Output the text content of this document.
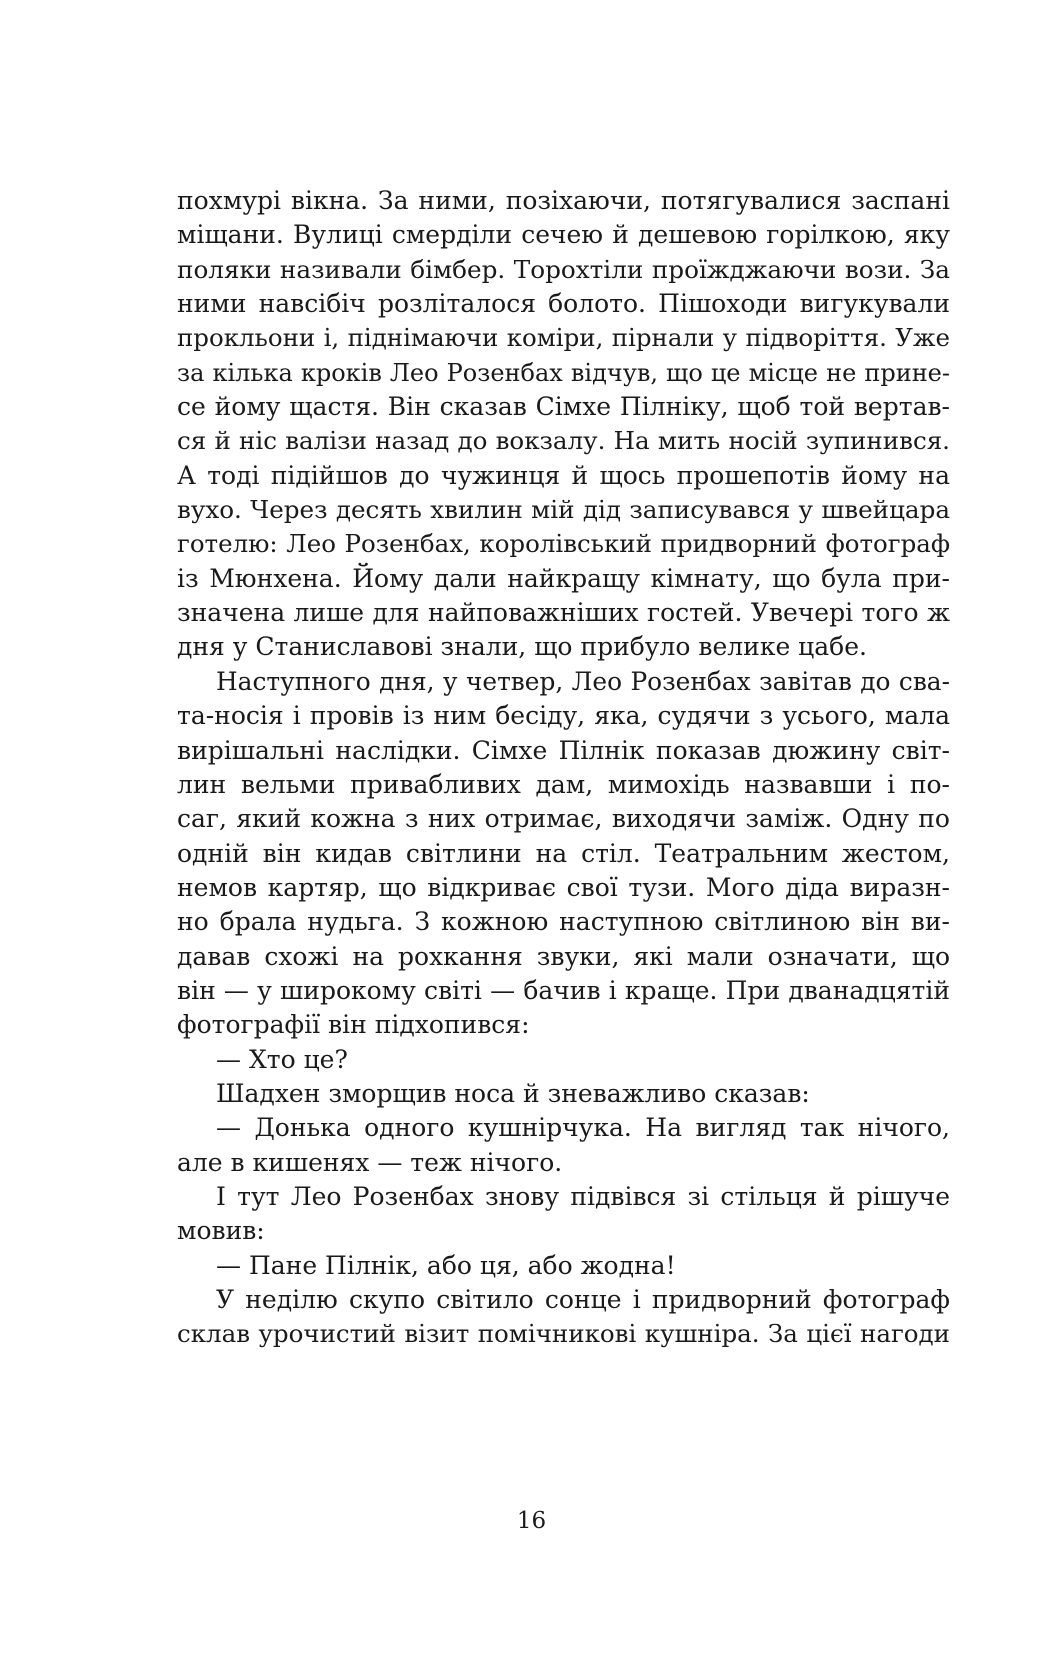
похмурі вікна. За ними, позіхаючи, потягувалися заспані
міщани. Вулиці смерділи сечею й дешевою горілкою, яку
поляки називали бімбер. Торохтіли проїжджаючи вози. За
ними навсібіч розліталося болото. Пішоходи вигукували
прокльони і, піднімаючи коміри, пірнали у підворіття. Уже
за кілька кроків Лео Розенбах відчув, що це місце не прине-
се йому щастя. Він сказав Сімхе Пілніку, щоб той вертав-
ся й ніс валізи назад до вокзалу. На мить носій зупинився.
А тоді підійшов до чужинця й щось прошепотів йому на
вухо. Через десять хвилин мій дід записувався у швейцара
готелю: Лео Розенбах, королівський придворний фотограф
із Мюнхена. Йому дали найкращу кімнату, що була при-
значена лише для найповажніших гостей. Увечері того ж
дня у Станиславові знали, що прибуло велике цабе.
Наступного дня, у четвер, Лео Розенбах завітав до сва-
та-носія і провів із ним бесіду, яка, судячи з усього, мала
вирішальні наслідки. Сімхе Пілнік показав дюжину світ-
лин вельми привабливих дам, мимохідь назвавши і по-
саг, який кожна з них отримає, виходячи заміж. Одну по
одній він кидав світлини на стіл. Театральним жестом,
немов картяр, що відкриває свої тузи. Мого діда виразн-
но брала нудьга. З кожною наступною світлиною він ви-
давав схожі на рохкання звуки, які мали означати, що
він — у широкому світі — бачив і краще. При дванадцятій
фотографії він підхопився:
— Хто це?
Шадхен зморщив носа й зневажливо сказав:
— Донька одного кушнірчука. На вигляд так нічого,
але в кишенях — теж нічого.
І тут Лео Розенбах знову підвівся зі стільця й рішуче
мовив:
— Пане Пілнік, або ця, або жодна!
У неділю скупо світило сонце і придворний фотограф
склав урочистий візит помічникові кушніра. За цієї нагоди
16
